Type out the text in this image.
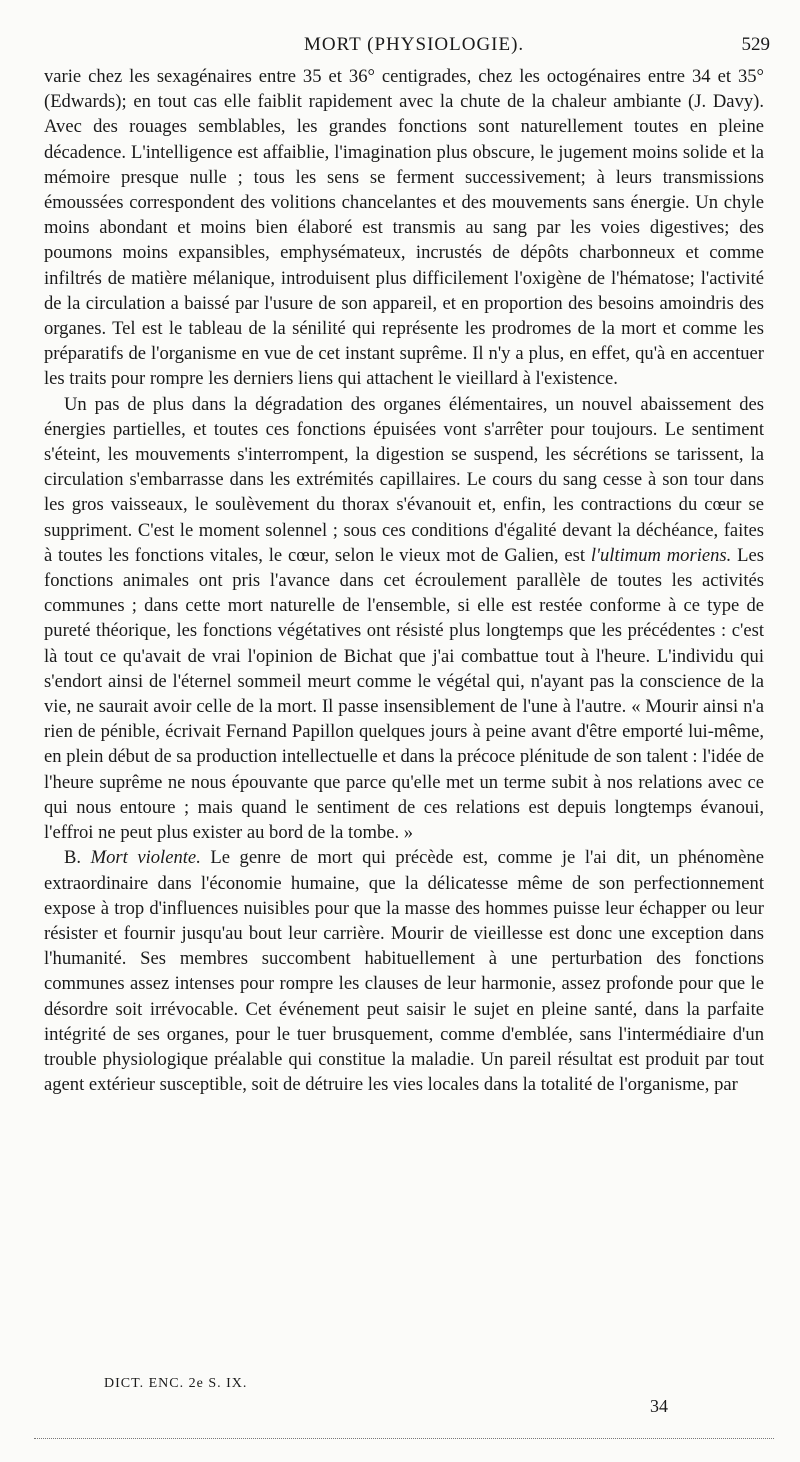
MORT (PHYSIOLOGIE).	529

varie chez les sexagénaires entre 35 et 36° centigrades, chez les octogénaires entre 34 et 35° (Edwards); en tout cas elle faiblit rapidement avec la chute de la chaleur ambiante (J. Davy). Avec des rouages semblables, les grandes fonctions sont naturellement toutes en pleine décadence. L'intelligence est affaiblie, l'imagination plus obscure, le jugement moins solide et la mémoire presque nulle ; tous les sens se ferment successivement; à leurs transmissions émoussées correspondent des volitions chancelantes et des mouvements sans énergie. Un chyle moins abondant et moins bien élaboré est transmis au sang par les voies digestives; des poumons moins expansibles, emphysémateux, incrustés de dépôts charbonneux et comme infiltrés de matière mélanique, introduisent plus difficilement l'oxigène de l'hématose; l'activité de la circulation a baissé par l'usure de son appareil, et en proportion des besoins amoindris des organes. Tel est le tableau de la sénilité qui représente les prodromes de la mort et comme les préparatifs de l'organisme en vue de cet instant suprême. Il n'y a plus, en effet, qu'à en accentuer les traits pour rompre les derniers liens qui attachent le vieillard à l'existence.

Un pas de plus dans la dégradation des organes élémentaires, un nouvel abaissement des énergies partielles, et toutes ces fonctions épuisées vont s'arrêter pour toujours. Le sentiment s'éteint, les mouvements s'interrompent, la digestion se suspend, les sécrétions se tarissent, la circulation s'embarrasse dans les extrémités capillaires. Le cours du sang cesse à son tour dans les gros vaisseaux, le soulèvement du thorax s'évanouit et, enfin, les contractions du cœur se suppriment. C'est le moment solennel ; sous ces conditions d'égalité devant la déchéance, faites à toutes les fonctions vitales, le cœur, selon le vieux mot de Galien, est l'ultimum moriens. Les fonctions animales ont pris l'avance dans cet écroulement parallèle de toutes les activités communes ; dans cette mort naturelle de l'ensemble, si elle est restée conforme à ce type de pureté théorique, les fonctions végétatives ont résisté plus longtemps que les précédentes : c'est là tout ce qu'avait de vrai l'opinion de Bichat que j'ai combattue tout à l'heure. L'individu qui s'endort ainsi de l'éternel sommeil meurt comme le végétal qui, n'ayant pas la conscience de la vie, ne saurait avoir celle de la mort. Il passe insensiblement de l'une à l'autre. « Mourir ainsi n'a rien de pénible, écrivait Fernand Papillon quelques jours à peine avant d'être emporté lui-même, en plein début de sa production intellectuelle et dans la précoce plénitude de son talent : l'idée de l'heure suprême ne nous épouvante que parce qu'elle met un terme subit à nos relations avec ce qui nous entoure ; mais quand le sentiment de ces relations est depuis longtemps évanoui, l'effroi ne peut plus exister au bord de la tombe. »

B. Mort violente. Le genre de mort qui précède est, comme je l'ai dit, un phénomène extraordinaire dans l'économie humaine, que la délicatesse même de son perfectionnement expose à trop d'influences nuisibles pour que la masse des hommes puisse leur échapper ou leur résister et fournir jusqu'au bout leur carrière. Mourir de vieillesse est donc une exception dans l'humanité. Ses membres succombent habituellement à une perturbation des fonctions communes assez intenses pour rompre les clauses de leur harmonie, assez profonde pour que le désordre soit irrévocable. Cet événement peut saisir le sujet en pleine santé, dans la parfaite intégrité de ses organes, pour le tuer brusquement, comme d'emblée, sans l'intermédiaire d'un trouble physiologique préalable qui constitue la maladie. Un pareil résultat est produit par tout agent extérieur susceptible, soit de détruire les vies locales dans la totalité de l'organisme, par

DICT. ENC. 2e S. IX.
34
